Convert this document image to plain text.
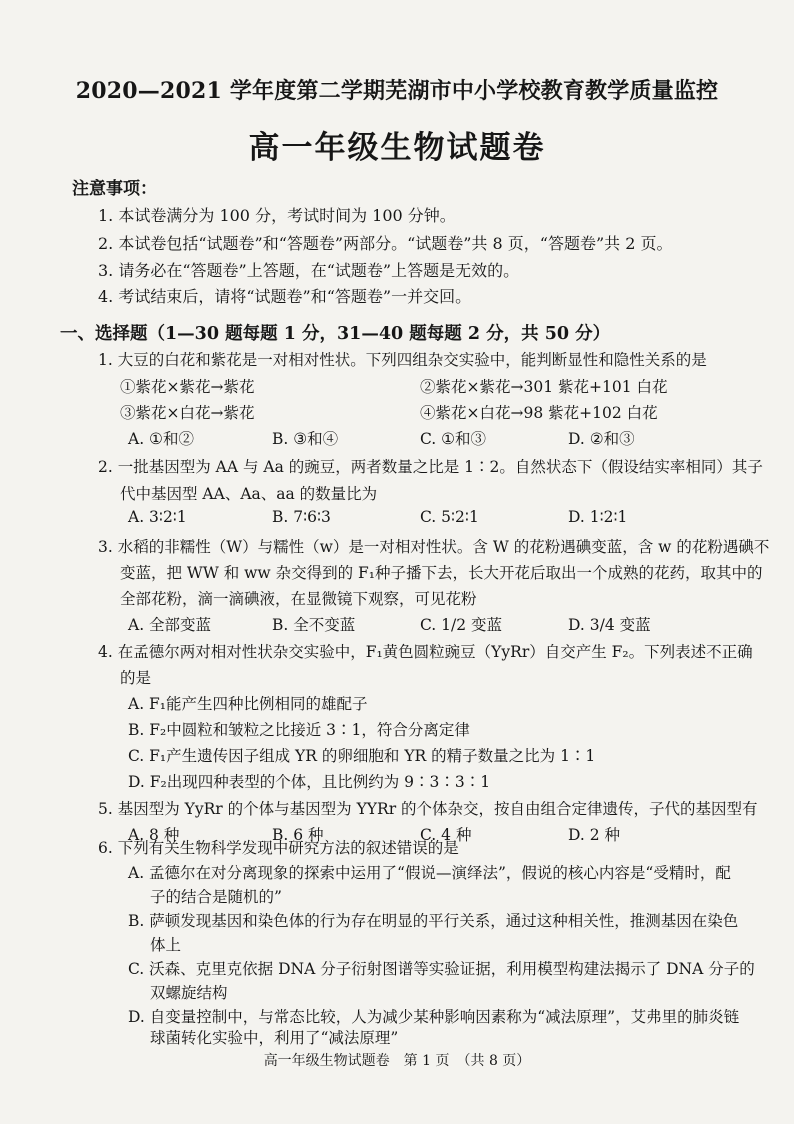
2020—2021 学年度第二学期芜湖市中小学校教育教学质量监控
高一年级生物试题卷
注意事项：
1. 本试卷满分为 100 分，考试时间为 100 分钟。
2. 本试卷包括“试题卷”和“答题卷”两部分。“试题卷”共 8 页，“答题卷”共 2 页。
3. 请务必在“答题卷”上答题，在“试题卷”上答题是无效的。
4. 考试结束后，请将“试题卷”和“答题卷”一并交回。
一、选择题（1—30 题每题 1 分，31—40 题每题 2 分，共 50 分）
1. 大豆的白花和紫花是一对相对性状。下列四组杂交实验中，能判断显性和隐性关系的是
①紫花×紫花→紫花	②紫花×紫花→301 紫花+101 白花
③紫花×白花→紫花	④紫花×白花→98 紫花+102 白花
A. ①和②	B. ③和④	C. ①和③	D. ②和③
2. 一批基因型为 AA 与 Aa 的豌豆，两者数量之比是 1∶2。自然状态下（假设结实率相同）其子
代中基因型 AA、Aa、aa 的数量比为
A. 3∶2∶1	B. 7∶6∶3	C. 5∶2∶1	D. 1∶2∶1
3. 水稻的非糯性（W）与糯性（w）是一对相对性状。含 W 的花粉遇碘变蓝，含 w 的花粉遇碘不
变蓝，把 WW 和 ww 杂交得到的 F₁种子播下去，长大开花后取出一个成熟的花药，取其中的
全部花粉，滴一滴碘液，在显微镜下观察，可见花粉
A. 全部变蓝	B. 全不变蓝	C. 1/2 变蓝	D. 3/4 变蓝
4. 在孟德尔两对相对性状杂交实验中，F₁黄色圆粒豌豆（YyRr）自交产生 F₂。下列表述不正确
的是
A. F₁能产生四种比例相同的雄配子
B. F₂中圆粒和皱粒之比接近 3∶1，符合分离定律
C. F₁产生遗传因子组成 YR 的卵细胞和 YR 的精子数量之比为 1∶1
D. F₂出现四种表型的个体，且比例约为 9∶3∶3∶1
5. 基因型为 YyRr 的个体与基因型为 YYRr 的个体杂交，按自由组合定律遗传，子代的基因型有
A. 8 种	B. 6 种	C. 4 种	D. 2 种
6. 下列有关生物科学发现中研究方法的叙述错误的是
A. 孟德尔在对分离现象的探索中运用了“假说—演绎法”，假说的核心内容是“受精时，配
子的结合是随机的”
B. 萨顿发现基因和染色体的行为存在明显的平行关系，通过这种相关性，推测基因在染色
体上
C. 沃森、克里克依据 DNA 分子衍射图谱等实验证据，利用模型构建法揭示了 DNA 分子的
双螺旋结构
高一年级生物试题卷　第 1 页　（共 8 页）
D. 自变量控制中，与常态比较，人为减少某种影响因素称为“减法原理”，艾弗里的肺炎链
球菌转化实验中，利用了“减法原理”
